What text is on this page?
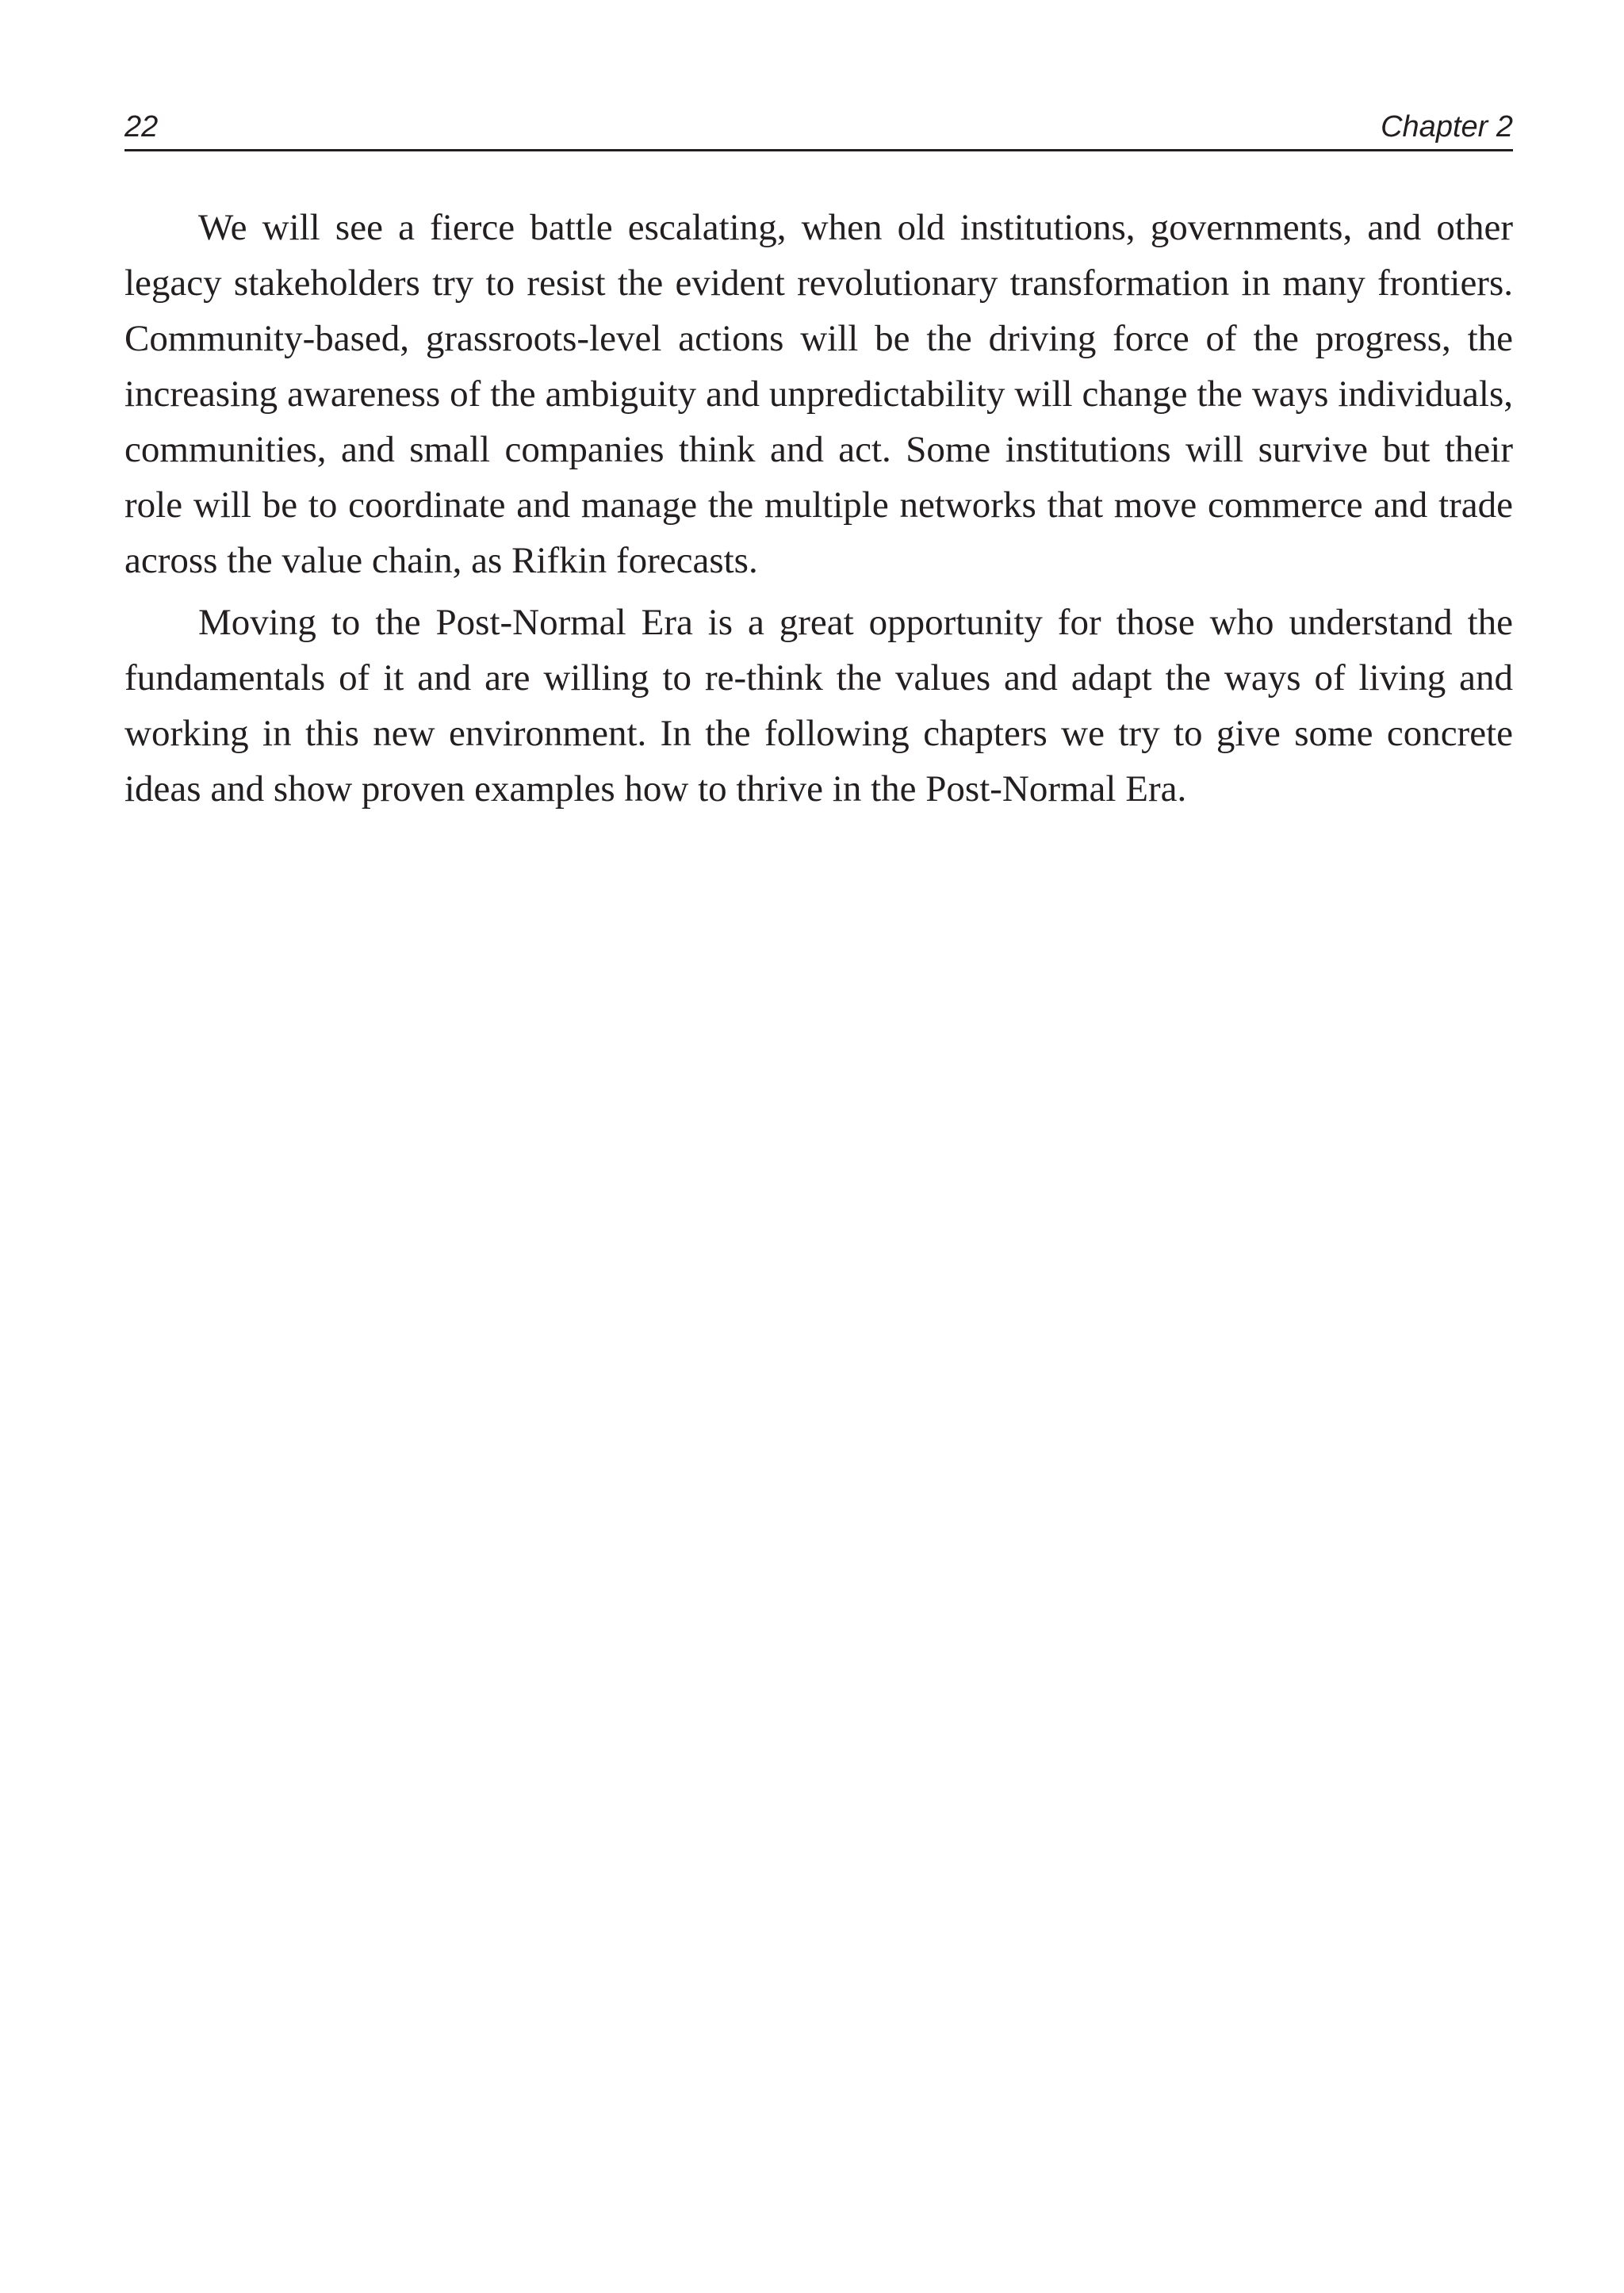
22	Chapter 2

We will see a fierce battle escalating, when old institutions, governments, and other legacy stakeholders try to resist the evident revolutionary transformation in many frontiers. Community-based, grassroots-level actions will be the driving force of the progress, the increasing awareness of the ambiguity and unpredictability will change the ways individuals, communities, and small companies think and act. Some institutions will survive but their role will be to coordinate and manage the multiple networks that move commerce and trade across the value chain, as Rifkin forecasts.

Moving to the Post-Normal Era is a great opportunity for those who understand the fundamentals of it and are willing to re-think the values and adapt the ways of living and working in this new environment. In the following chapters we try to give some concrete ideas and show proven examples how to thrive in the Post-Normal Era.
